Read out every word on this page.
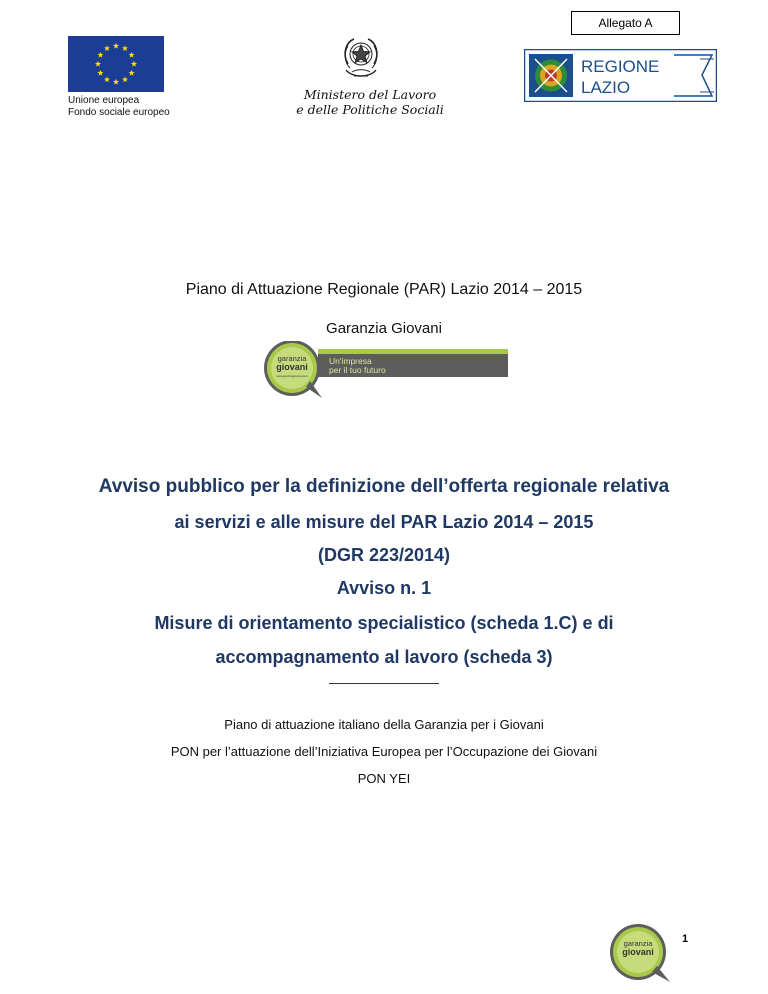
Allegato A
Unione europea
Fondo sociale europeo
Ministero del Lavoro
e delle Politiche Sociali
REGIONE
LAZIO
Piano di Attuazione Regionale (PAR) Lazio 2014 – 2015
Garanzia Giovani
garanzia
giovani
www.garanziagiovani.gov.it
Un'impresa
per il tuo futuro
Avviso pubblico per la definizione dell’offerta regionale relativa
ai servizi e alle misure del PAR Lazio 2014 – 2015
(DGR 223/2014)
Avviso n. 1
Misure di orientamento specialistico (scheda 1.C) e di
accompagnamento al lavoro (scheda 3)
Piano di attuazione italiano della Garanzia per i Giovani
PON per l’attuazione dell’Iniziativa Europea per l’Occupazione dei Giovani
PON YEI
garanzia
giovani
1
